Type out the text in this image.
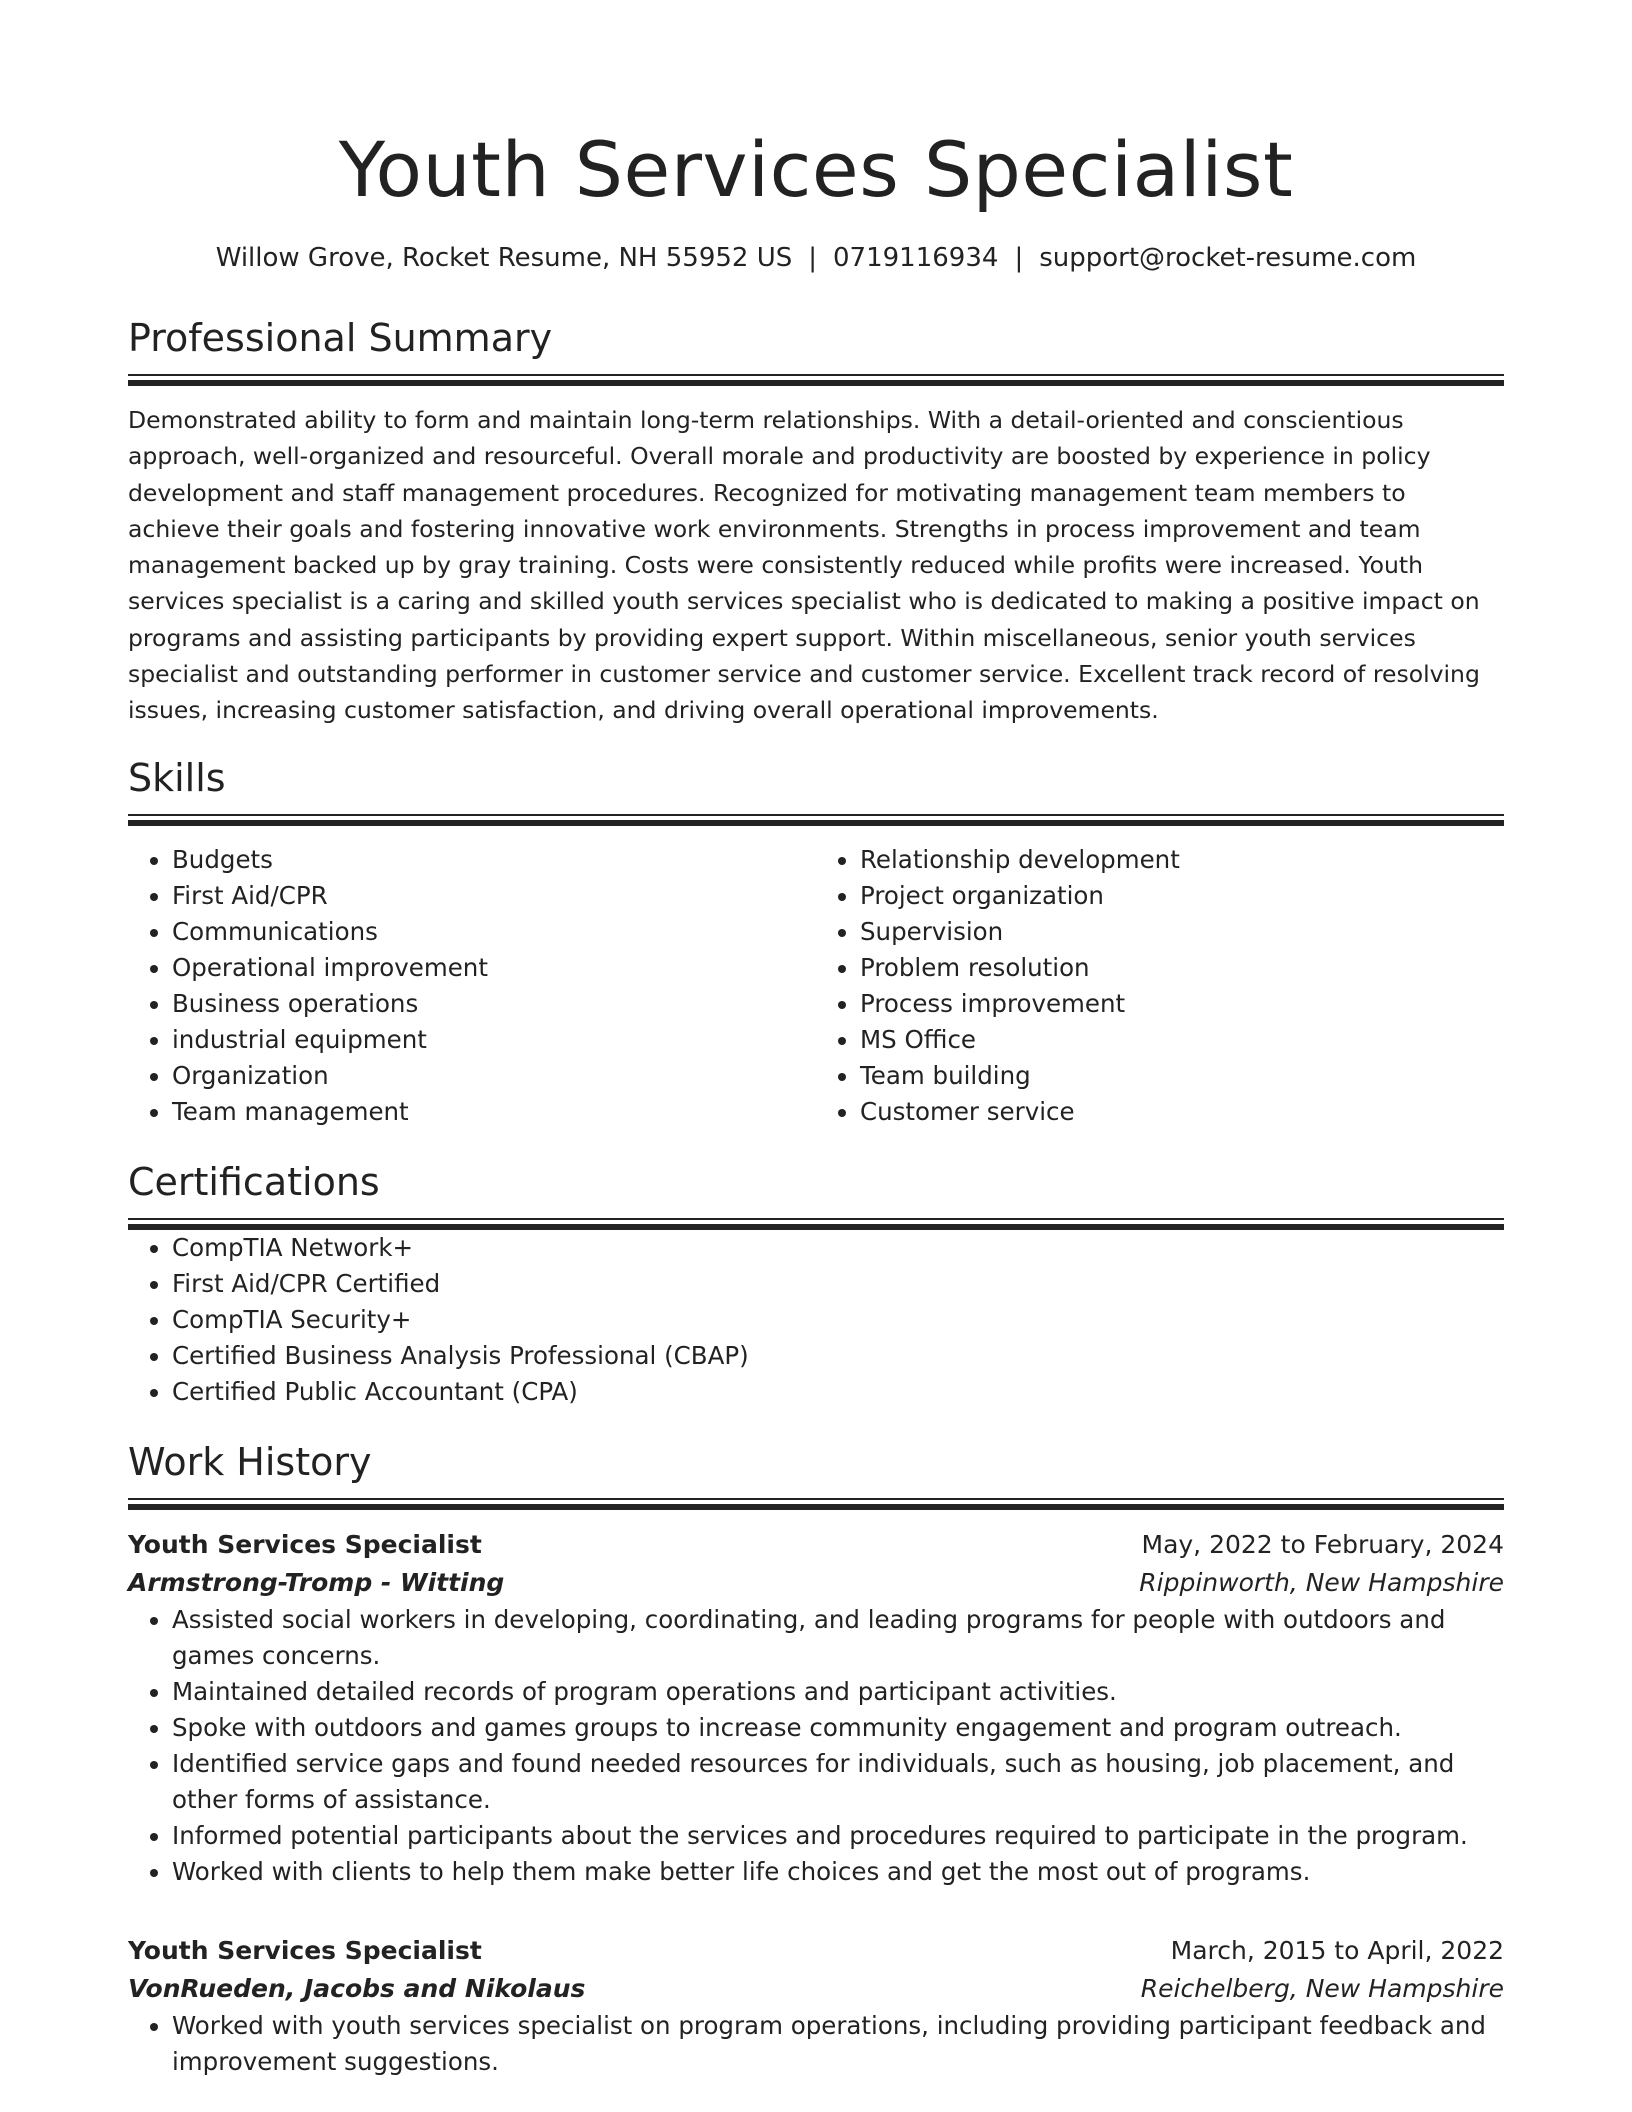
Youth Services Specialist
Willow Grove, Rocket Resume, NH 55952 US | 0719116934 | support@rocket-resume.com
Professional Summary

Demonstrated ability to form and maintain long-term relationships. With a detail-oriented and conscientious approach, well-organized and resourceful. Overall morale and productivity are boosted by experience in policy development and staff management procedures. Recognized for motivating management team members to achieve their goals and fostering innovative work environments. Strengths in process improvement and team management backed up by gray training. Costs were consistently reduced while profits were increased. Youth services specialist is a caring and skilled youth services specialist who is dedicated to making a positive impact on programs and assisting participants by providing expert support. Within miscellaneous, senior youth services specialist and outstanding performer in customer service and customer service. Excellent track record of resolving issues, increasing customer satisfaction, and driving overall operational improvements.

Skills
• Budgets
• First Aid/CPR
• Communications
• Operational improvement
• Business operations
• industrial equipment
• Organization
• Team management
• Relationship development
• Project organization
• Supervision
• Problem resolution
• Process improvement
• MS Office
• Team building
• Customer service
Certifications
• CompTIA Network+
• First Aid/CPR Certified
• CompTIA Security+
• Certified Business Analysis Professional (CBAP)
• Certified Public Accountant (CPA)
Work History
Youth Services Specialist	May, 2022 to February, 2024
Armstrong-Tromp - Witting	Rippinworth, New Hampshire
• Assisted social workers in developing, coordinating, and leading programs for people with outdoors and games concerns.
• Maintained detailed records of program operations and participant activities.
• Spoke with outdoors and games groups to increase community engagement and program outreach.
• Identified service gaps and found needed resources for individuals, such as housing, job placement, and other forms of assistance.
• Informed potential participants about the services and procedures required to participate in the program.
• Worked with clients to help them make better life choices and get the most out of programs.
Youth Services Specialist	March, 2015 to April, 2022
VonRueden, Jacobs and Nikolaus	Reichelberg, New Hampshire
• Worked with youth services specialist on program operations, including providing participant feedback and improvement suggestions.
